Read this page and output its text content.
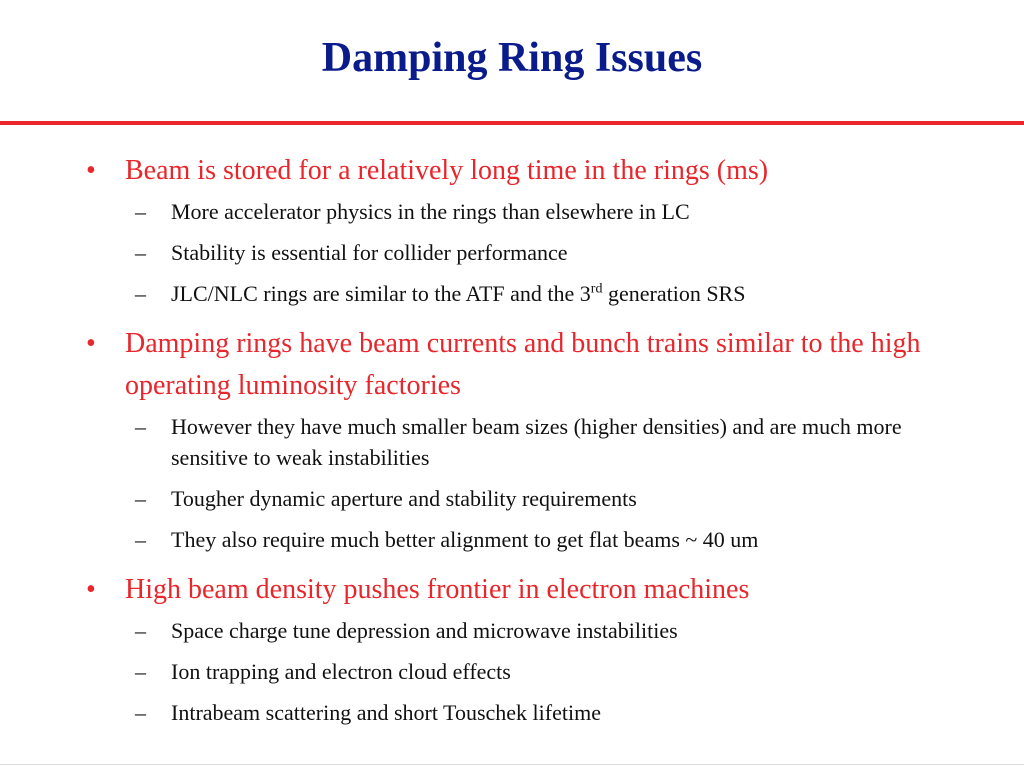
Damping Ring Issues
• Beam is stored for a relatively long time in the rings (ms)
– More accelerator physics in the rings than elsewhere in LC
– Stability is essential for collider performance
– JLC/NLC rings are similar to the ATF and the 3rd generation SRS
• Damping rings have beam currents and bunch trains similar to the high operating luminosity factories
– However they have much smaller beam sizes (higher densities) and are much more sensitive to weak instabilities
– Tougher dynamic aperture and stability requirements
– They also require much better alignment to get flat beams ~ 40 um
• High beam density pushes frontier in electron machines
– Space charge tune depression and microwave instabilities
– Ion trapping and electron cloud effects
– Intrabeam scattering and short Touschek lifetime
